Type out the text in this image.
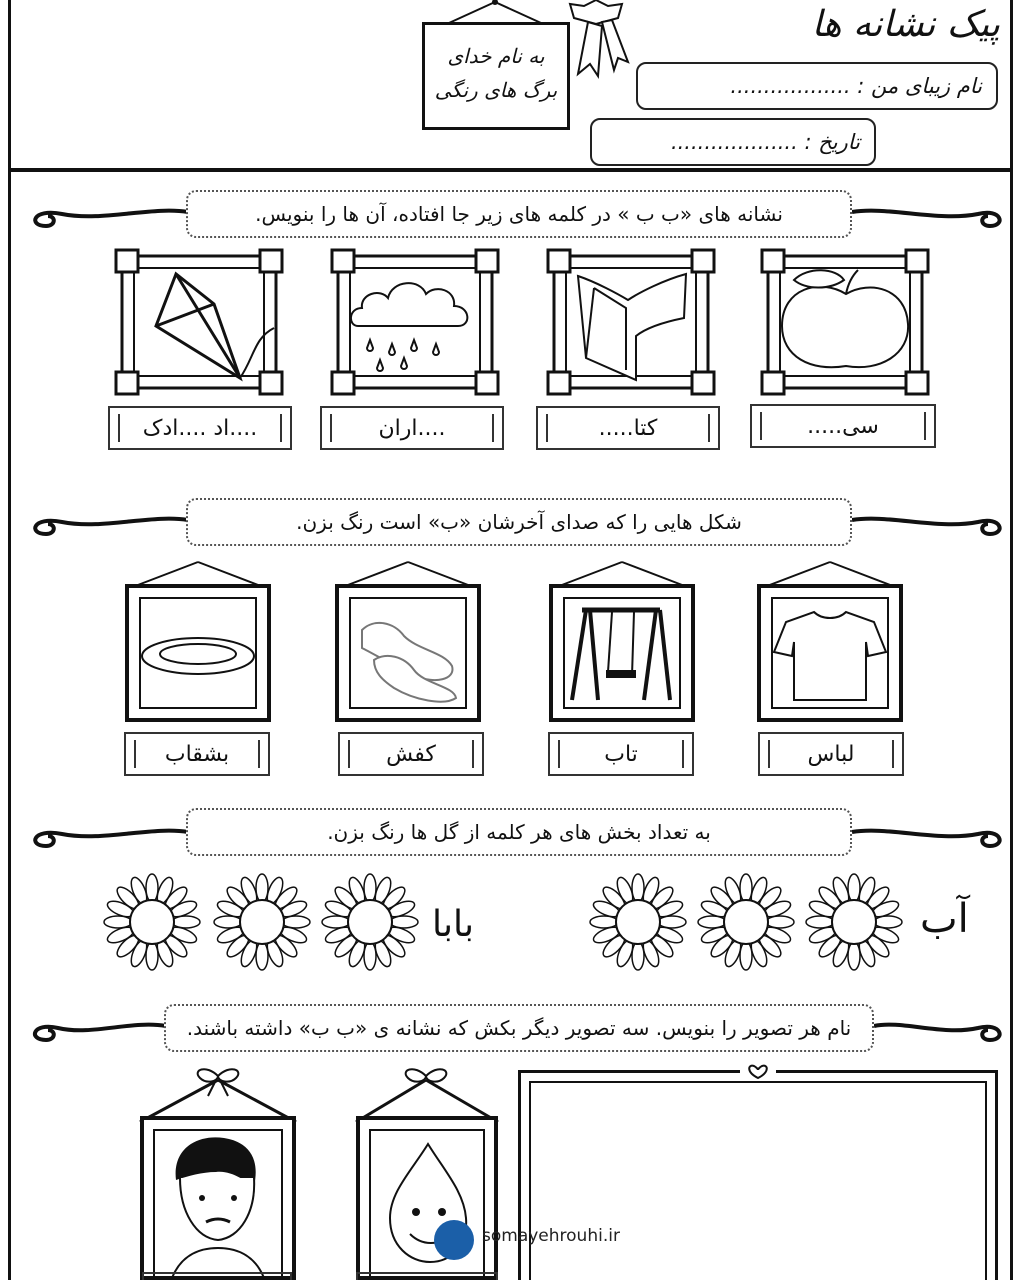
پیک نشانه ها
به نام خدای
برگ های رنگی	نام زیبای من : ..................
تاریخ : ...................
نشانه های «ب ب » در کلمه های زیر جا افتاده، آن ها را بنویس.
....اد ....ادک	....اران	کتا.....	سی.....
شکل هایی را که صدای آخرشان «ب» است رنگ بزن.
بشقاب	کفش	تاب	لباس
به تعداد بخش های هر کلمه از گل ها رنگ بزن.
آب
بابا
نام هر تصویر را بنویس. سه تصویر دیگر بکش که نشانه ی «ب ب» داشته باشند.
somayehrouhi.ir
